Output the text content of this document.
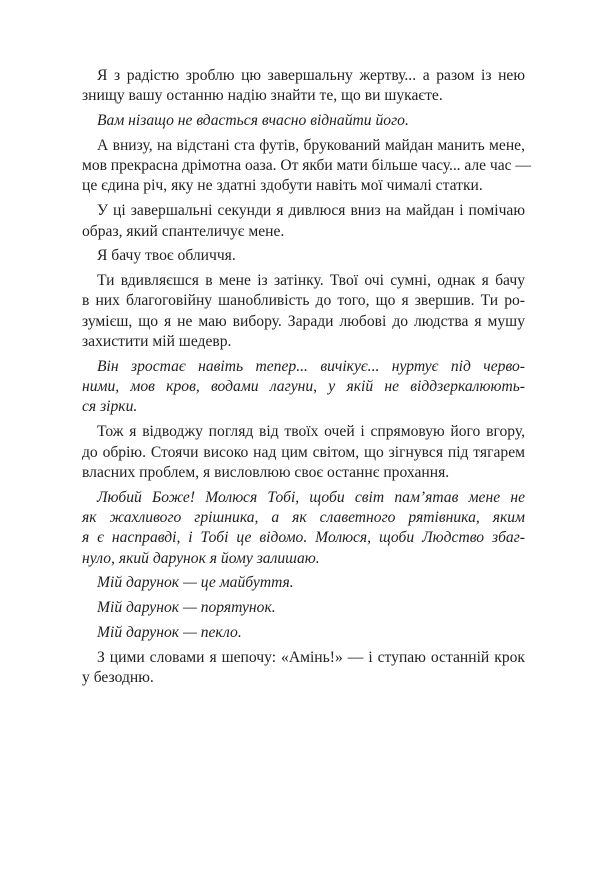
Я з радістю зроблю цю завершальну жертву... а разом із нею
знищу вашу останню надію знайти те, що ви шукаєте.

Вам нізащо не вдасться вчасно віднайти його.

А внизу, на відстані ста футів, брукований майдан манить мене,
мов прекрасна дрімотна оаза. От якби мати більше часу... але час —
це єдина річ, яку не здатні здобути навіть мої чималі статки.

У ці завершальні секунди я дивлюся вниз на майдан і помічаю
образ, який спантеличує мене.

Я бачу твоє обличчя.

Ти вдивляєшся в мене із затінку. Твої очі сумні, однак я бачу
в них благоговійну шанобливість до того, що я звершив. Ти ро-
зумієш, що я не маю вибору. Заради любові до людства я мушу
захистити мій шедевр.

Він зростає навіть тепер... вичікує... нуртує під черво-
ними, мов кров, водами лагуни, у якій не віддзеркалюють-
ся зірки.

Тож я відводжу погляд від твоїх очей і спрямовую його вгору,
до обрію. Стоячи високо над цим світом, що зігнувся під тягарем
власних проблем, я висловлюю своє останнє прохання.

Любий Боже! Молюся Тобі, щоби світ пам’ятав мене не
як жахливого грішника, а як славетного рятівника, яким
я є насправді, і Тобі це відомо. Молюся, щоби Людство збаг-
нуло, який дарунок я йому залишаю.

Мій дарунок — це майбуття.

Мій дарунок — порятунок.

Мій дарунок — пекло.

З цими словами я шепочу: «Амінь!» — і ступаю останній крок
у безодню.
